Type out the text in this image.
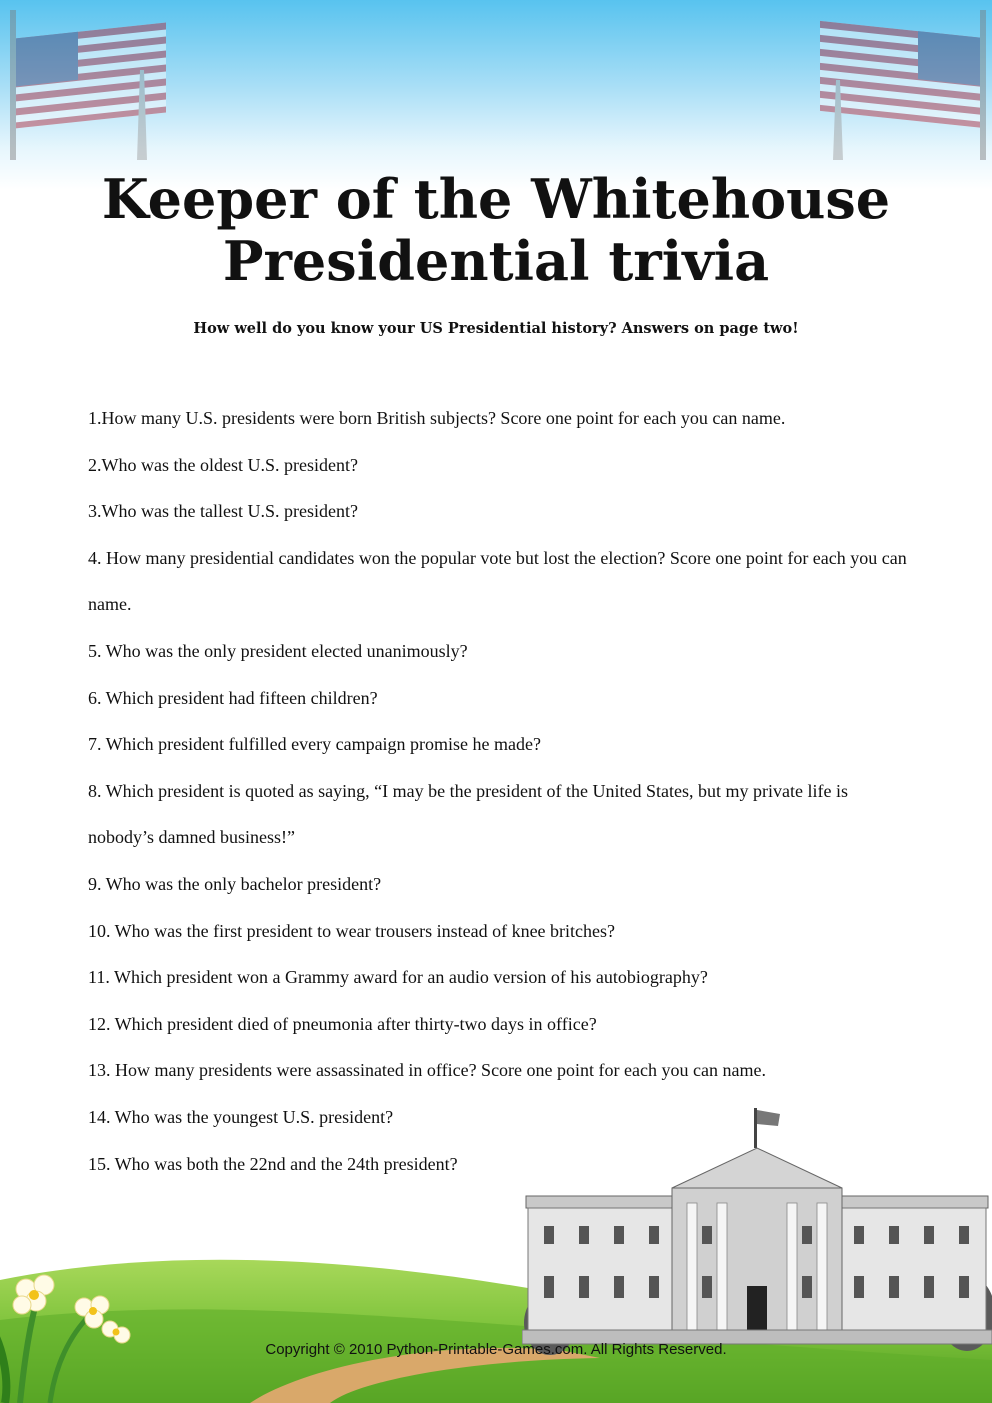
Keeper of the Whitehouse
Presidential trivia
How well do you know your US Presidential history? Answers on page two!
1.How many U.S. presidents were born British subjects? Score one point for each you can name.
2.Who was the oldest U.S. president?
3.Who was the tallest U.S. president?
4. How many presidential candidates won the popular vote but lost the election? Score one point for each you can name.
5. Who was the only president elected unanimously?
6. Which president had fifteen children?
7. Which president fulfilled every campaign promise he made?
8. Which president is quoted as saying, “I may be the president of the United States, but my private life is nobody’s damned business!”
9. Who was the only bachelor president?
10. Who was the first president to wear trousers instead of knee britches?
11. Which president won a Grammy award for an audio version of his autobiography?
12. Which president died of pneumonia after thirty-two days in office?
13. How many presidents were assassinated in office? Score one point for each you can name.
14. Who was the youngest U.S. president?
15. Who was both the 22nd and the 24th president?
Copyright © 2010 Python-Printable-Games.com. All Rights Reserved.
